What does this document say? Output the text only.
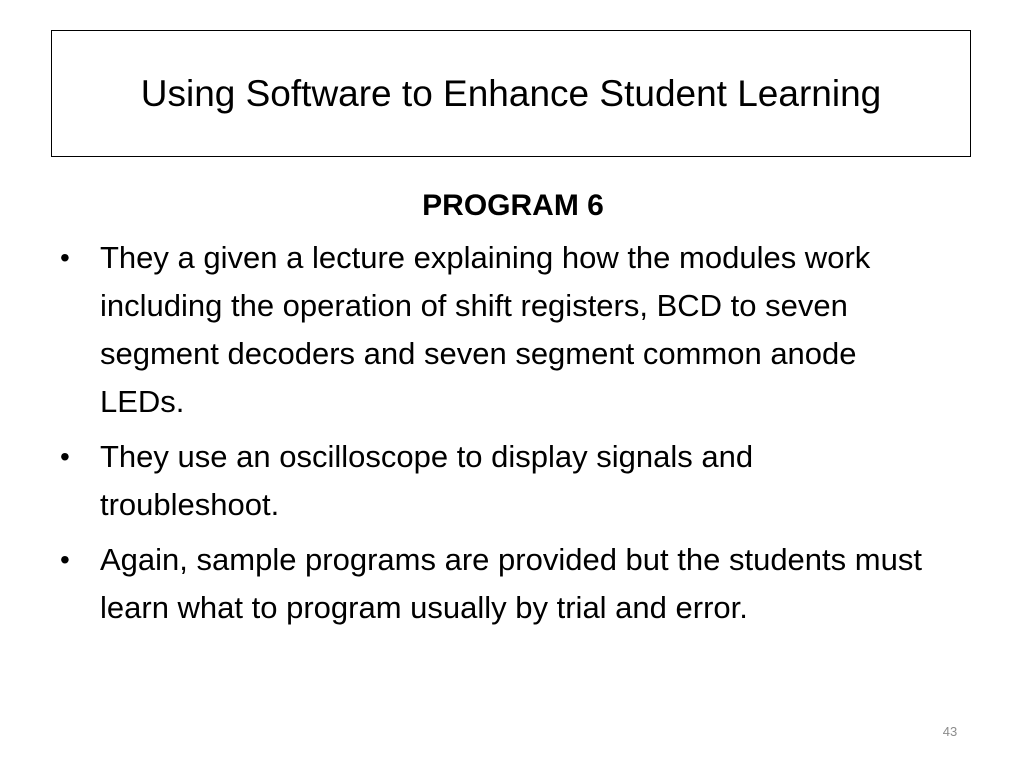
Using Software to Enhance Student Learning

PROGRAM 6

• They a given a lecture explaining how the modules work including the operation of shift registers, BCD to seven segment decoders and seven segment common anode LEDs.
• They use an oscilloscope to display signals and troubleshoot.
• Again, sample programs are provided but the students must learn what to program usually by trial and error.
43
